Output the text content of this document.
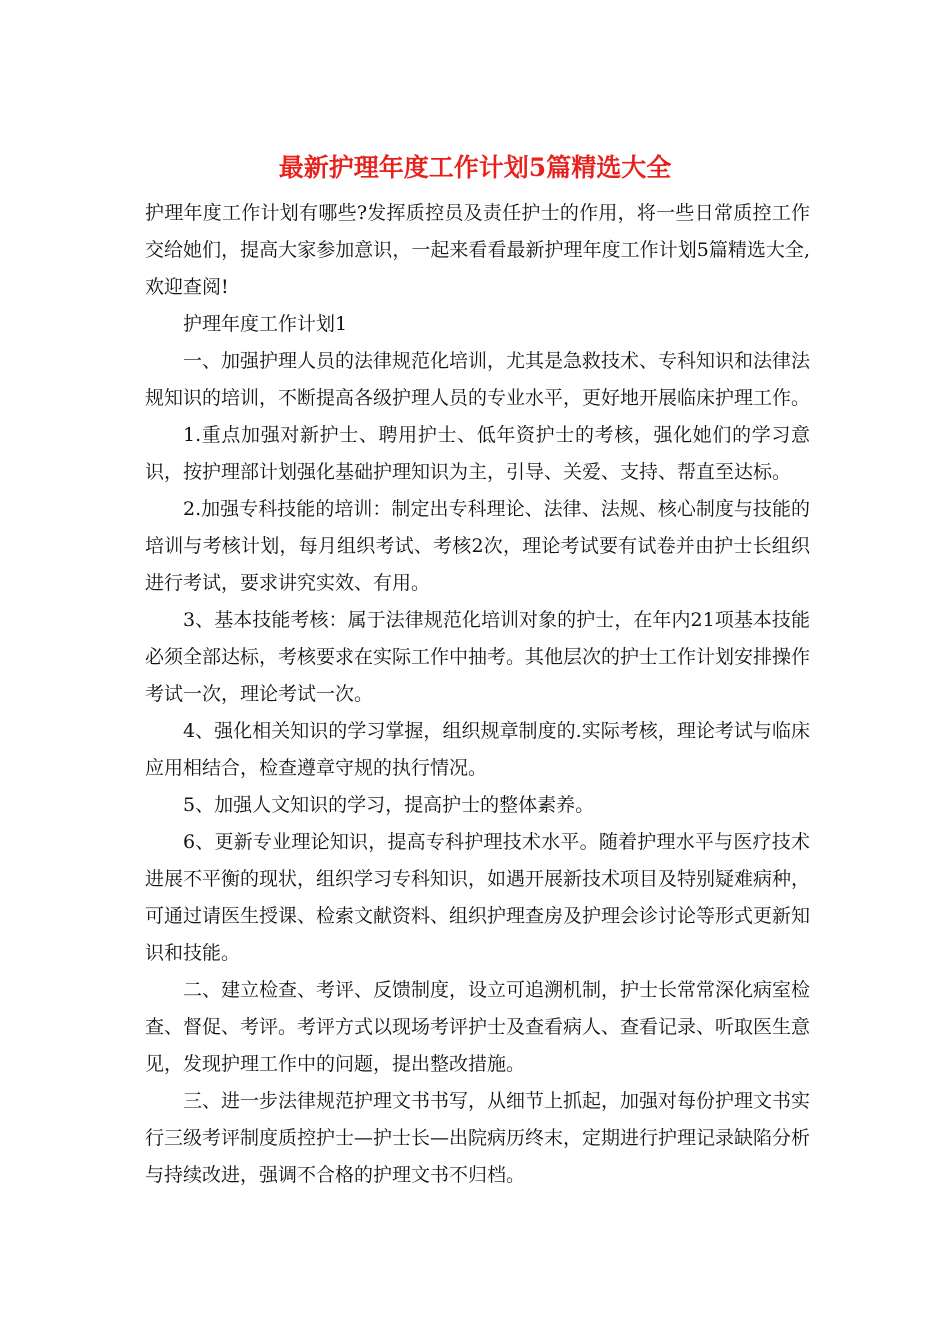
最新护理年度工作计划5篇精选大全

护理年度工作计划有哪些?发挥质控员及责任护士的作用，将一些日常质控工作交给她们，提高大家参加意识，一起来看看最新护理年度工作计划5篇精选大全,欢迎查阅!

护理年度工作计划1

一、加强护理人员的法律规范化培训，尤其是急救技术、专科知识和法律法规知识的培训，不断提高各级护理人员的专业水平，更好地开展临床护理工作。

1.重点加强对新护士、聘用护士、低年资护士的考核，强化她们的学习意识，按护理部计划强化基础护理知识为主，引导、关爱、支持、帮直至达标。

2.加强专科技能的培训：制定出专科理论、法律、法规、核心制度与技能的培训与考核计划，每月组织考试、考核2次，理论考试要有试卷并由护士长组织进行考试，要求讲究实效、有用。

3、基本技能考核：属于法律规范化培训对象的护士，在年内21项基本技能必须全部达标，考核要求在实际工作中抽考。其他层次的护士工作计划安排操作考试一次，理论考试一次。

4、强化相关知识的学习掌握，组织规章制度的.实际考核，理论考试与临床应用相结合，检查遵章守规的执行情况。

5、加强人文知识的学习，提高护士的整体素养。

6、更新专业理论知识，提高专科护理技术水平。随着护理水平与医疗技术进展不平衡的现状，组织学习专科知识，如遇开展新技术项目及特别疑难病种，可通过请医生授课、检索文献资料、组织护理查房及护理会诊讨论等形式更新知识和技能。

二、建立检查、考评、反馈制度，设立可追溯机制，护士长常常深化病室检查、督促、考评。考评方式以现场考评护士及查看病人、查看记录、听取医生意见，发现护理工作中的问题，提出整改措施。

三、进一步法律规范护理文书书写，从细节上抓起，加强对每份护理文书实行三级考评制度质控护士—护士长—出院病历终末，定期进行护理记录缺陷分析与持续改进，强调不合格的护理文书不归档。
